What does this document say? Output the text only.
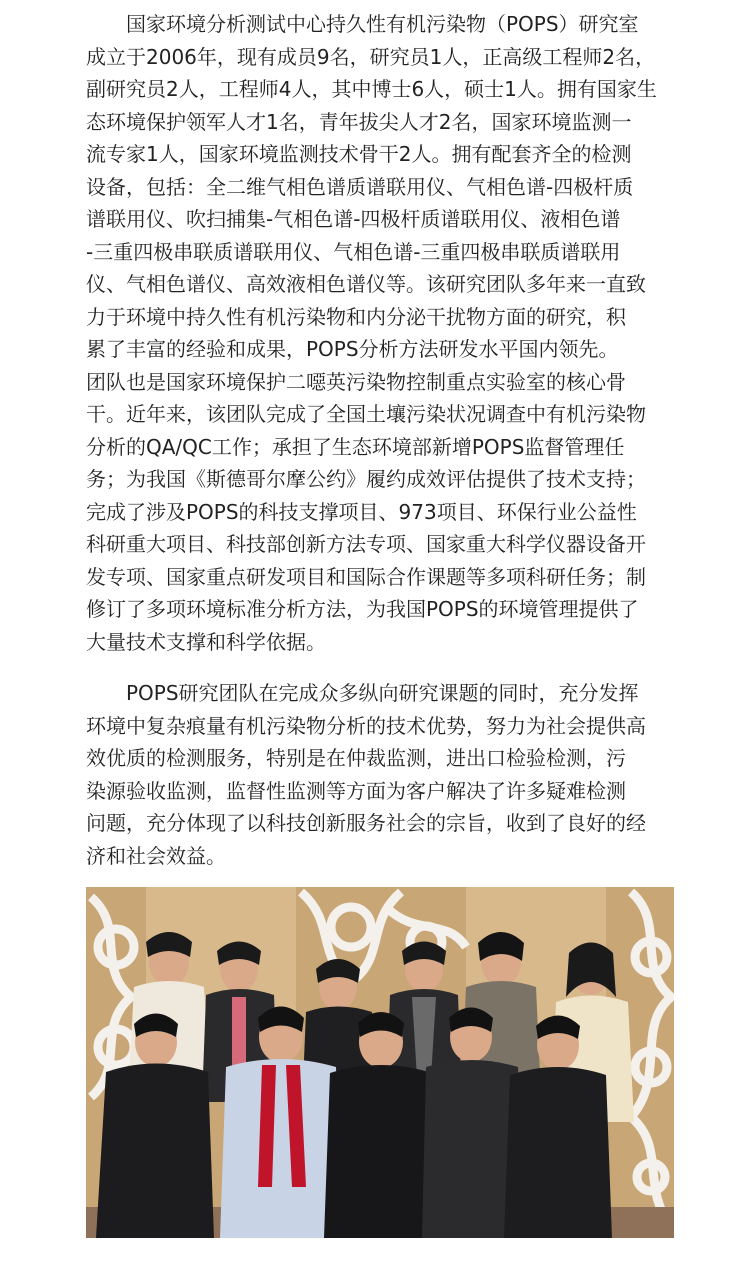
　　国家环境分析测试中心持久性有机污染物（POPS）研究室
成立于2006年，现有成员9名，研究员1人，正高级工程师2名，
副研究员2人，工程师4人，其中博士6人，硕士1人。拥有国家生
态环境保护领军人才1名，青年拔尖人才2名，国家环境监测一
流专家1人，国家环境监测技术骨干2人。拥有配套齐全的检测
设备，包括：全二维气相色谱质谱联用仪、气相色谱-四极杆质
谱联用仪、吹扫捕集-气相色谱-四极杆质谱联用仪、液相色谱
-三重四极串联质谱联用仪、气相色谱-三重四极串联质谱联用
仪、气相色谱仪、高效液相色谱仪等。该研究团队多年来一直致
力于环境中持久性有机污染物和内分泌干扰物方面的研究，积
累了丰富的经验和成果，POPS分析方法研发水平国内领先。
团队也是国家环境保护二噁英污染物控制重点实验室的核心骨
干。近年来，该团队完成了全国土壤污染状况调查中有机污染物
分析的QA/QC工作；承担了生态环境部新增POPS监督管理任
务；为我国《斯德哥尔摩公约》履约成效评估提供了技术支持；
完成了涉及POPS的科技支撑项目、973项目、环保行业公益性
科研重大项目、科技部创新方法专项、国家重大科学仪器设备开
发专项、国家重点研发项目和国际合作课题等多项科研任务；制
修订了多项环境标准分析方法，为我国POPS的环境管理提供了
大量技术支撑和科学依据。

　　POPS研究团队在完成众多纵向研究课题的同时，充分发挥
环境中复杂痕量有机污染物分析的技术优势，努力为社会提供高
效优质的检测服务，特别是在仲裁监测，进出口检验检测，污
染源验收监测，监督性监测等方面为客户解决了许多疑难检测
问题，充分体现了以科技创新服务社会的宗旨，收到了良好的经
济和社会效益。
